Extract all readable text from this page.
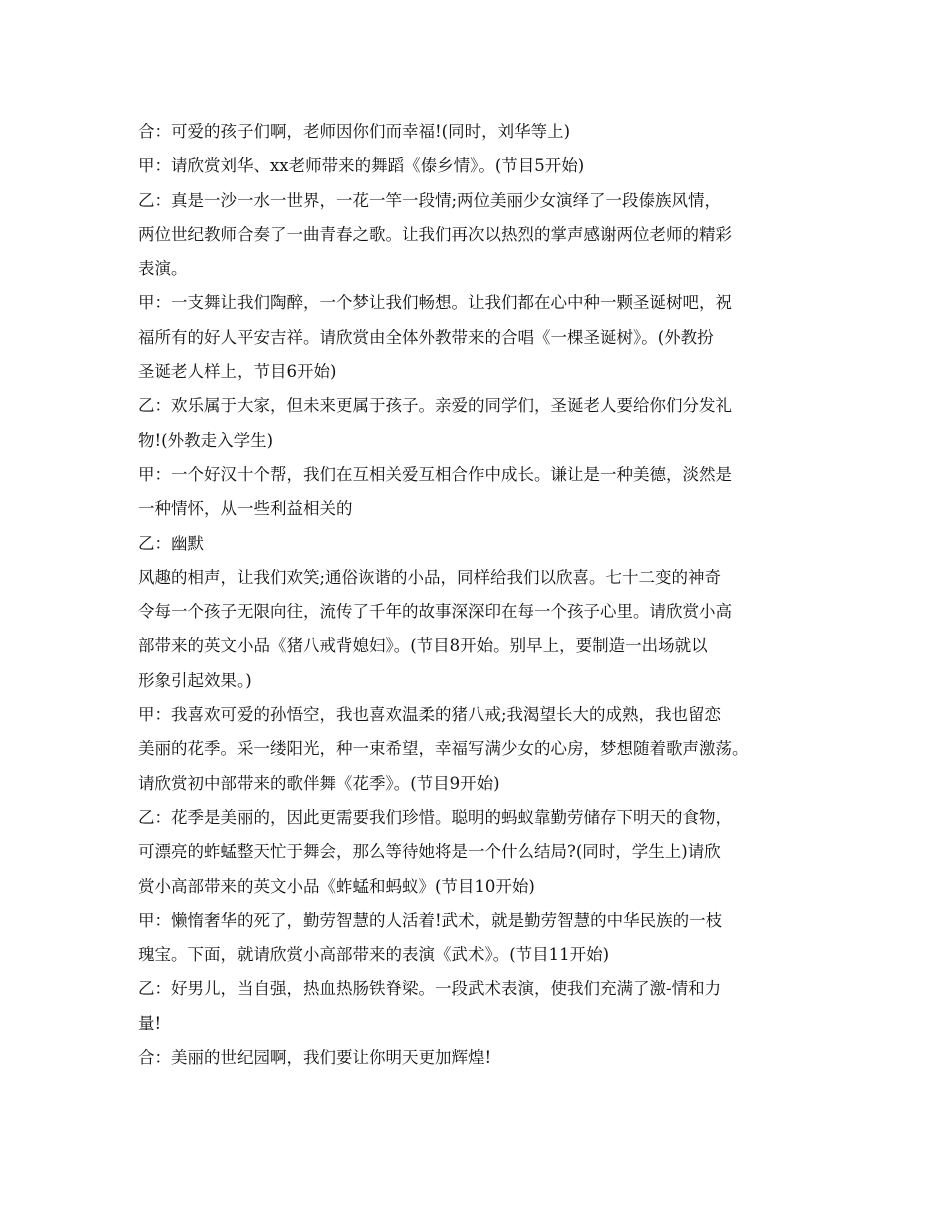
合：可爱的孩子们啊，老师因你们而幸福!(同时，刘华等上)
甲：请欣赏刘华、xx老师带来的舞蹈《傣乡情》。(节目5开始)
乙：真是一沙一水一世界，一花一竿一段情;两位美丽少女演绎了一段傣族风情，
两位世纪教师合奏了一曲青春之歌。让我们再次以热烈的掌声感谢两位老师的精彩
表演。
甲：一支舞让我们陶醉，一个梦让我们畅想。让我们都在心中种一颗圣诞树吧，祝
福所有的好人平安吉祥。请欣赏由全体外教带来的合唱《一棵圣诞树》。(外教扮
圣诞老人样上，节目6开始)
乙：欢乐属于大家，但未来更属于孩子。亲爱的同学们，圣诞老人要给你们分发礼
物!(外教走入学生)
甲：一个好汉十个帮，我们在互相关爱互相合作中成长。谦让是一种美德，淡然是
一种情怀，从一些利益相关的
乙：幽默
风趣的相声，让我们欢笑;通俗诙谐的小品，同样给我们以欣喜。七十二变的神奇
令每一个孩子无限向往，流传了千年的故事深深印在每一个孩子心里。请欣赏小高
部带来的英文小品《猪八戒背媳妇》。(节目8开始。别早上，要制造一出场就以
形象引起效果。)
甲：我喜欢可爱的孙悟空，我也喜欢温柔的猪八戒;我渴望长大的成熟，我也留恋
美丽的花季。采一缕阳光，种一束希望，幸福写满少女的心房，梦想随着歌声激荡。
请欣赏初中部带来的歌伴舞《花季》。(节目9开始)
乙：花季是美丽的，因此更需要我们珍惜。聪明的蚂蚁靠勤劳储存下明天的食物，
可漂亮的蚱蜢整天忙于舞会，那么等待她将是一个什么结局?(同时，学生上)请欣
赏小高部带来的英文小品《蚱蜢和蚂蚁》(节目10开始)
甲：懒惰奢华的死了，勤劳智慧的人活着!武术，就是勤劳智慧的中华民族的一枝
瑰宝。下面，就请欣赏小高部带来的表演《武术》。(节目11开始)
乙：好男儿，当自强，热血热肠铁脊梁。一段武术表演，使我们充满了激-情和力
量!
合：美丽的世纪园啊，我们要让你明天更加辉煌!
